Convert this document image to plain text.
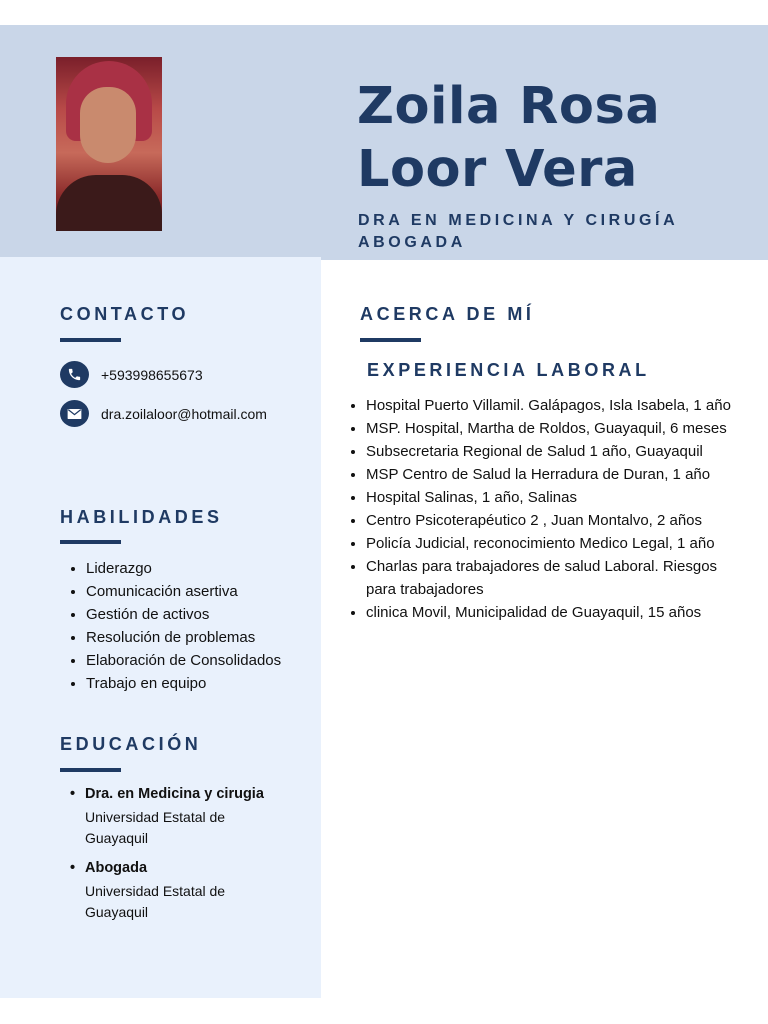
Zoila Rosa
Loor Vera
DRA EN MEDICINA Y CIRUGÍA
ABOGADA
CONTACTO
+593998655673
dra.zoilaloor@hotmail.com
HABILIDADES
• Liderazgo
• Comunicación asertiva
• Gestión de activos
• Resolución de problemas
• Elaboración de Consolidados
• Trabajo en equipo
EDUCACIÓN
• Dra. en Medicina y cirugia
Universidad Estatal de Guayaquil
• Abogada
Universidad Estatal de Guayaquil
ACERCA DE MÍ
EXPERIENCIA LABORAL
• Hospital Puerto Villamil. Galápagos, Isla Isabela, 1 año
• MSP. Hospital, Martha de Roldos, Guayaquil, 6 meses
• Subsecretaria Regional de Salud 1 año, Guayaquil
• MSP Centro de Salud la Herradura de Duran, 1 año
• Hospital Salinas, 1 año, Salinas
• Centro Psicoterapéutico 2 , Juan Montalvo, 2 años
• Policía Judicial, reconocimiento Medico Legal, 1 año
• Charlas para trabajadores de salud Laboral. Riesgos para trabajadores
• clinica Movil, Municipalidad de Guayaquil, 15 años
